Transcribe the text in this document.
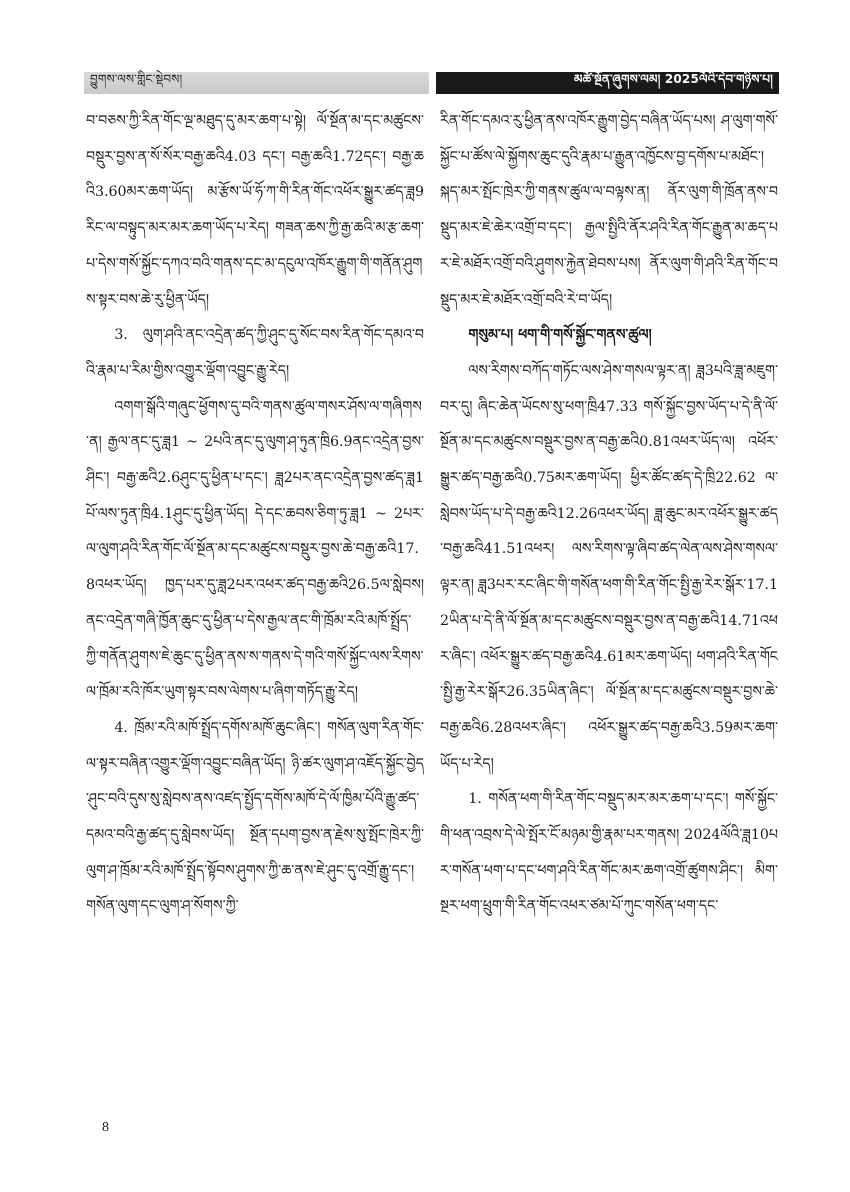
བྱུགས་ལས་གླིང་སྡེབས།	མཚོ་སྔོན་ཞུགས་ལམ། 2025ལོའི་དེབ་གཉིས་པ།

བ་བཅས་ཀྱི་རིན་གོང་ལྔ་མཐུད་དུ་མར་ཆག་པ་སྟེ། ལོ་སྔོན་མ་དང་མཚུངས་བསྡུར་བྱས་ན་སོ་སོར་བརྒྱ་ཆའི4.03 དང་། བརྒྱ་ཆའི1.72དང་། བརྒྱ་ཆའི3.60མར་ཆག་ཡོད། མ་རྩོས་ཡོ་ཧོ་ཀ་གི་རིན་གོང་འཕོར་སྒྱུར་ཚད་ཟླ9རིང་ལ་བསྟུད་མར་མར་ཆག་ཡོད་པ་རེད། གཟན་ཆས་ཀྱི་རྒྱ་ཆའི་མ་རྩ་ཆག་པ་དེས་གསོ་སྐྱོང་དཀའ་བའི་གནས་དང་མ་དངུལ་འཁོར་རྒྱུག་གི་གནོན་ཤུགས་སྟར་བས་ཆེ་རུ་ཕྱིན་ཡོད།

3. ལུག་ཤའི་ནང་འདྲེན་ཚད་ཀྱི་ཤུང་དུ་སོང་བས་རིན་གོང་དམའ་བའི་རྣམ་པ་རིམ་གྱིས་འགྱུར་ལྡོག་འབྱུང་རྒྱུ་རེད།

འགག་སྒོའི་གཞུང་ཕྱོགས་དུ་བའི་གནས་ཚུལ་གསར་ཤོས་ལ་གཞིགས་ན། རྒྱལ་ནང་དུ་ཟླ1 ~ 2པའི་ནང་དུ་ལུག་ཤ་ཏུན་ཁྲི6.9ནང་འདྲེན་བྱས་ཤིང་། བརྒྱ་ཆའི2.6ཤུང་དུ་ཕྱིན་པ་དང་། ཟླ2པར་ནང་འདྲེན་བྱས་ཚད་ཟླ1པོ་ལས་ཏུན་ཁྲི4.1ཤུང་དུ་ཕྱིན་ཡོད། དེ་དང་ཆབས་ཅིག་ཏུ་ཟླ1 ~ 2པར་ལ་ལུག་ཤའི་རིན་གོང་ལོ་སྔོན་མ་དང་མཚུངས་བསྡུར་བྱས་ཆེ་བརྒྱ་ཆའི17.8འཕར་ཡོད། ཁྱད་པར་དུ་ཟླ2པར་འཕར་ཚད་བརྒྱ་ཆའི26.5ལ་སླེབས། ནང་འདྲེན་གཞི་ཁྱོན་ཆུང་དུ་ཕྱིན་པ་དེས་རྒྱལ་ནང་གི་ཁྲོམ་རའི་མཁོ་སྤྲོད་ཀྱི་གནོན་ཤུགས་ཇེ་ཆུང་དུ་ཕྱིན་ནས་ས་གནས་དེ་གའི་གསོ་སྐྱོང་ལས་རིགས་ལ་ཁྲོམ་རའི་ཁོར་ཡུག་སྟར་བས་ལེགས་པ་ཞིག་གཏོད་རྒྱུ་རེད།

4. ཁྲོམ་རའི་མཁོ་སྤྲོད་དགོས་མཁོ་ཆུང་ཞིང་། གསོན་ལུག་རིན་གོང་ལ་སྟར་བཞིན་འགྱུར་ལྡོག་འབྱུང་བཞིན་ཡོད། ཉི་ཚར་ལུག་ཤ་འཇོད་སྐྱོང་བྱེད་ཤུང་བའི་དུས་སུ་སླེབས་ནས་འཛད་སྤྱོད་དགོས་མཁོ་དེ་ལོ་ཁྱིམ་པོའི་རྒྱུ་ཚད་དམའ་བའི་རྒྱ་ཚད་དུ་སླེབས་ཡོད། སྔོན་དཔག་བྱས་ན་རྗེས་སུ་སྤོང་ཁྲེར་ཀྱི་ལུག་ཤ་ཁྲོམ་རའི་མཁོ་སྤྲོད་སྟོབས་ཤུགས་ཀྱི་ཆ་ནས་ཇེ་ཤུང་དུ་འགྲོ་རྒྱུ་དང་། གསོན་ལུག་དང་ལུག་ཤ་སོགས་ཀྱི་

རིན་གོང་དམའ་རུ་ཕྱིན་ནས་འཁོར་རྒྱུག་བྱེད་བཞིན་ཡོད་པས། ཤ་ལུག་གསོ་སྐྱོང་པ་ཚོས་ལེ་སྐྱོགས་ཆུང་དུའི་རྣམ་པ་རྒྱུན་འཁྱོངས་བྱ་དགོས་པ་མཐོང་། སྐད་མར་སྤོང་ཁྲེར་ཀྱི་གནས་ཚུལ་ལ་བལྟས་ན། ནོར་ལུག་གི་ཁྲོན་ནས་བསྡུད་མར་ཇེ་ཆེར་འགྲོ་བ་དང་། རྒྱལ་སྤྱིའི་ནོར་ཤའི་རིན་གོང་རྒྱུན་མ་ཆད་པར་ཇེ་མཐོར་འགྲོ་བའི་ཤུགས་རྐྱེན་ཐེབས་པས། ནོར་ལུག་གི་ཤའི་རིན་གོང་བསྡུད་མར་ཇེ་མཐོར་འགྲོ་བའི་རེ་བ་ཡོད།

གསུམ་པ། ཕག་གི་གསོ་སྐྱོང་གནས་ཚུལ།

ལས་རིགས་བཀོད་གཏོང་ལས་ཤེས་གསལ་ལྟར་ན། ཟླ3པའི་ཟླ་མཇུག་བར་དུ། ཞིང་ཆེན་ཡོངས་སུ་ཕག་ཁྲི47.33 གསོ་སྐྱོང་བྱས་ཡོད་པ་དེ་ནི་ལོ་སྔོན་མ་དང་མཚུངས་བསྡུར་བྱས་ན་བརྒྱ་ཆའི0.81འཕར་ཡོད་ལ། འཕོར་སྒྱུར་ཚད་བརྒྱ་ཆའི0.75མར་ཆག་ཡོད། ཕྱིར་ཚོང་ཚད་དེ་ཁྲི22.62 ལ་སླེབས་ཡོད་པ་དེ་བརྒྱ་ཆའི12.26འཕར་ཡོད། ཟླ་ཆུང་མར་འཕོར་སྒྱུར་ཚད་བརྒྱ་ཆའི41.51འཕར། ལས་རིགས་ལྟ་ཞིབ་ཚད་ལེན་ལས་ཤེས་གསལ་ལྟར་ན། ཟླ3པར་རང་ཞིང་གི་གསོན་ཕག་གི་རིན་གོང་སྤྱི་རྒྱ་རེར་སྒོར་17.12ཡིན་པ་དེ་ནི་ལོ་སྔོན་མ་དང་མཚུངས་བསྡུར་བྱས་ན་བརྒྱ་ཆའི14.71འཕར་ཞིང་། འཕོར་སྒྱུར་ཚད་བརྒྱ་ཆའི4.61མར་ཆག་ཡོད། ཕག་ཤའི་རིན་གོང་སྤྱི་རྒྱ་རེར་སྒོར26.35ཡིན་ཞིང་། ལོ་སྔོན་མ་དང་མཚུངས་བསྡུར་བྱས་ཆེ་བརྒྱ་ཆའི6.28འཕར་ཞིང་། འཕོར་སྒྱུར་ཚད་བརྒྱ་ཆའི3.59མར་ཆག་ཡོད་པ་རེད།

1. གསོན་ཕག་གི་རིན་གོང་བསྡུད་མར་མར་ཆག་པ་དང་། གསོ་སྐྱོང་གི་ཕན་འབྲས་དེ་ལེ་སྤོར་ངོ་མཉམ་གྱི་རྣམ་པར་གནས། 2024ལོའི་ཟླ10པར་གསོན་ཕག་པ་དང་ཕག་ཤའི་རིན་གོང་མར་ཆག་འགྲོ་ཚུགས་ཤིང་། མིག་སྔར་ཕག་ཕྲུག་གི་རིན་གོང་འཕར་ཙམ་པོ་ཀུང་གསོན་ཕག་དང་

8
